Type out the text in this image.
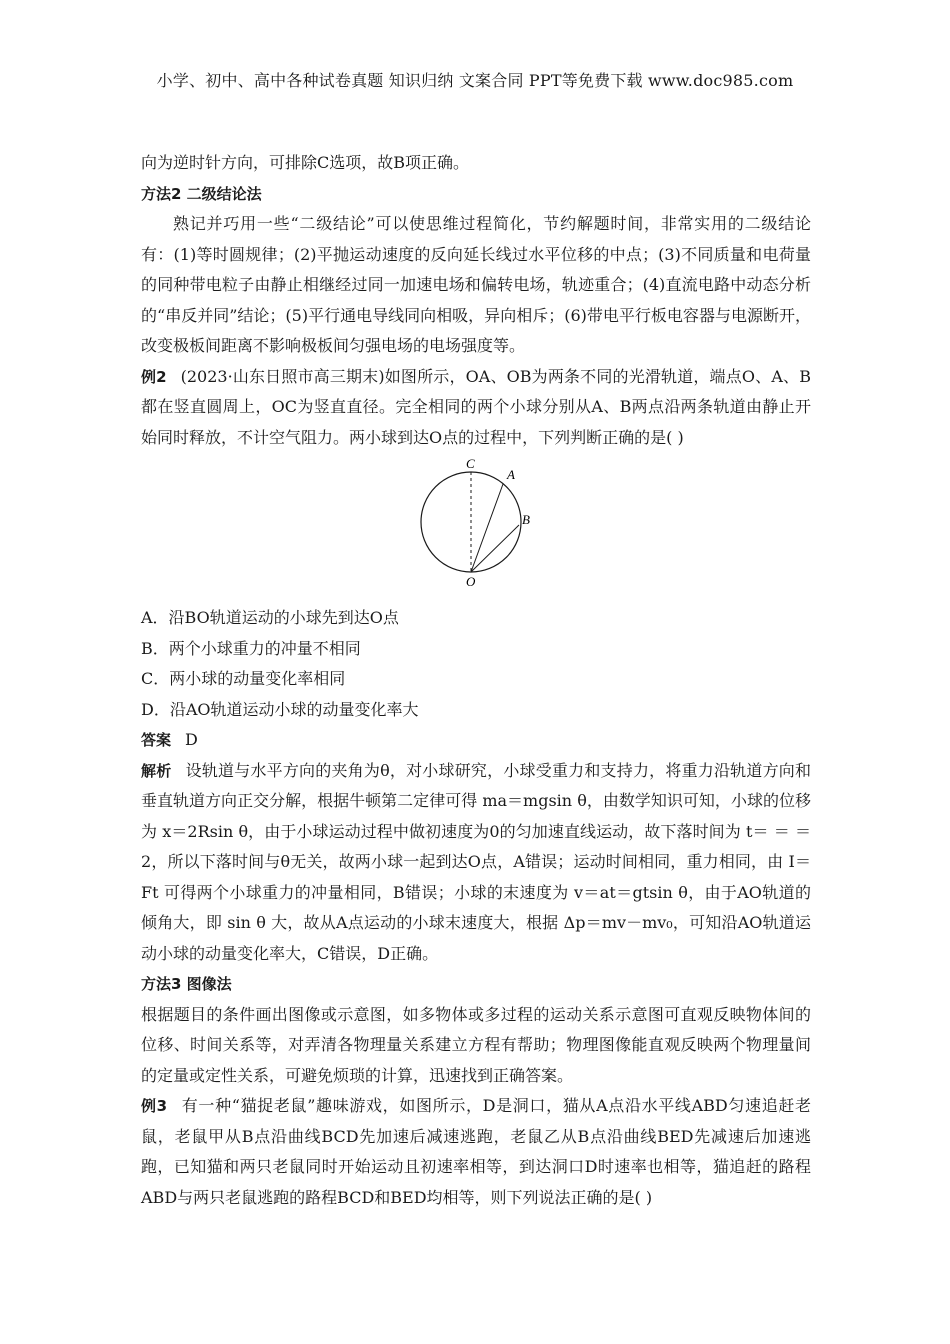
小学、初中、高中各种试卷真题 知识归纳 文案合同 PPT等免费下载 www.doc985.com

向为逆时针方向，可排除C选项，故B项正确。

方法2 二级结论法

熟记并巧用一些“二级结论”可以使思维过程简化，节约解题时间，非常实用的二级结论有：(1)等时圆规律；(2)平抛运动速度的反向延长线过水平位移的中点；(3)不同质量和电荷量的同种带电粒子由静止相继经过同一加速电场和偏转电场，轨迹重合；(4)直流电路中动态分析的“串反并同”结论；(5)平行通电导线同向相吸，异向相斥；(6)带电平行板电容器与电源断开，改变极板间距离不影响极板间匀强电场的电场强度等。

例2 (2023·山东日照市高三期末)如图所示，OA、OB为两条不同的光滑轨道，端点O、A、B都在竖直圆周上，OC为竖直直径。完全相同的两个小球分别从A、B两点沿两条轨道由静止开始同时释放，不计空气阻力。两小球到达O点的过程中，下列判断正确的是( )

C
A
B
O

A．沿BO轨道运动的小球先到达O点

B．两个小球重力的冲量不相同

C．两小球的动量变化率相同

D．沿AO轨道运动小球的动量变化率大

答案 D

解析 设轨道与水平方向的夹角为θ，对小球研究，小球受重力和支持力，将重力沿轨道方向和垂直轨道方向正交分解，根据牛顿第二定律可得 ma＝mgsin θ，由数学知识可知，小球的位移为 x＝2Rsin θ，由于小球运动过程中做初速度为0的匀加速直线运动，故下落时间为 t＝ ＝ ＝2，所以下落时间与θ无关，故两小球一起到达O点，A错误；运动时间相同，重力相同，由 I＝Ft 可得两个小球重力的冲量相同，B错误；小球的末速度为 v＝at＝gtsin θ，由于AO轨道的倾角大，即 sin θ 大，故从A点运动的小球末速度大，根据 Δp＝mv－mv₀，可知沿AO轨道运动小球的动量变化率大，C错误，D正确。

方法3 图像法

根据题目的条件画出图像或示意图，如多物体或多过程的运动关系示意图可直观反映物体间的位移、时间关系等，对弄清各物理量关系建立方程有帮助；物理图像能直观反映两个物理量间的定量或定性关系，可避免烦琐的计算，迅速找到正确答案。

例3 有一种“猫捉老鼠”趣味游戏，如图所示，D是洞口，猫从A点沿水平线ABD匀速追赶老鼠，老鼠甲从B点沿曲线BCD先加速后减速逃跑，老鼠乙从B点沿曲线BED先减速后加速逃跑，已知猫和两只老鼠同时开始运动且初速率相等，到达洞口D时速率也相等，猫追赶的路程ABD与两只老鼠逃跑的路程BCD和BED均相等，则下列说法正确的是( )
